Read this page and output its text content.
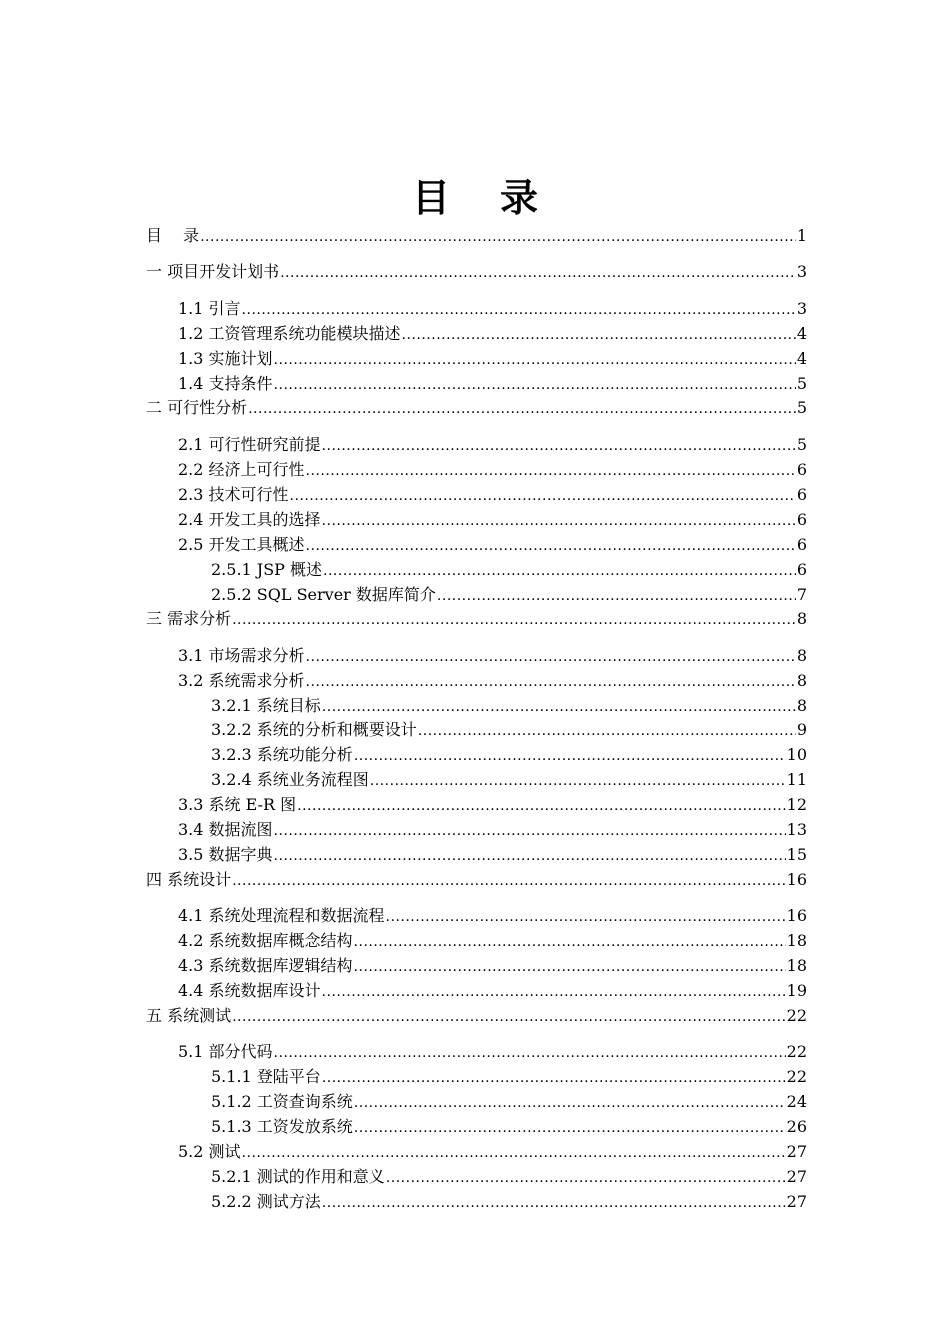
目录
目　 录 .....	1
一 项目开发计划书 .....	3
1.1 引言 .....	3
1.2 工资管理系统功能模块描述 .....	4
1.3 实施计划 .....	4
1.4 支持条件 .....	5
二 可行性分析 .....	5
2.1 可行性研究前提 .....	5
2.2 经济上可行性 .....	6
2.3 技术可行性 .....	6
2.4 开发工具的选择 .....	6
2.5 开发工具概述 .....	6
2.5.1 JSP 概述 .....	6
2.5.2 SQL Server 数据库简介 .....	7
三 需求分析 .....	8
3.1 市场需求分析 .....	8
3.2 系统需求分析 .....	8
3.2.1 系统目标 .....	8
3.2.2 系统的分析和概要设计 .....	9
3.2.3 系统功能分析 .....	10
3.2.4 系统业务流程图 .....	11
3.3 系统 E-R 图 .....	12
3.4 数据流图 .....	13
3.5 数据字典 .....	15
四 系统设计 .....	16
4.1 系统处理流程和数据流程 .....	16
4.2 系统数据库概念结构 .....	18
4.3 系统数据库逻辑结构 .....	18
4.4 系统数据库设计 .....	19
五 系统测试 .....	22
5.1 部分代码 .....	22
5.1.1 登陆平台 .....	22
5.1.2 工资查询系统 .....	24
5.1.3 工资发放系统 .....	26
5.2 测试 .....	27
5.2.1 测试的作用和意义 .....	27
5.2.2 测试方法 .....	27
